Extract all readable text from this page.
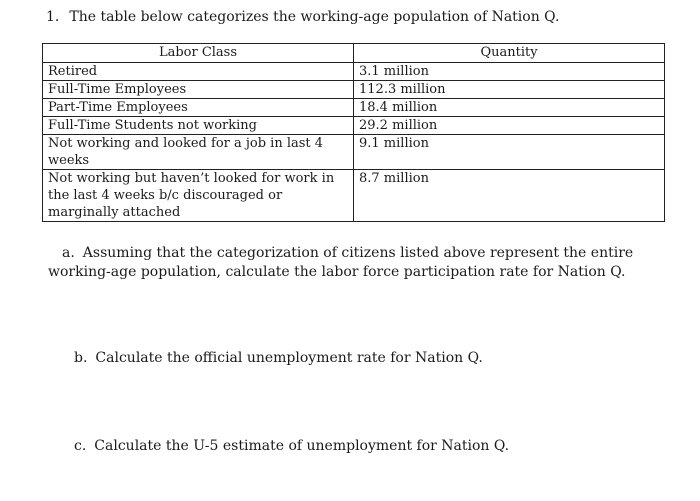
1. The table below categorizes the working-age population of Nation Q.
Labor Class	Quantity
Retired	3.1 million
Full-Time Employees	112.3 million
Part-Time Employees	18.4 million
Full-Time Students not working	29.2 million
Not working and looked for a job in last 4 weeks	9.1 million
Not working but haven’t looked for work in the last 4 weeks b/c discouraged or marginally attached	8.7 million
a. Assuming that the categorization of citizens listed above represent the entire
working-age population, calculate the labor force participation rate for Nation Q.
b. Calculate the official unemployment rate for Nation Q.
c. Calculate the U-5 estimate of unemployment for Nation Q.
